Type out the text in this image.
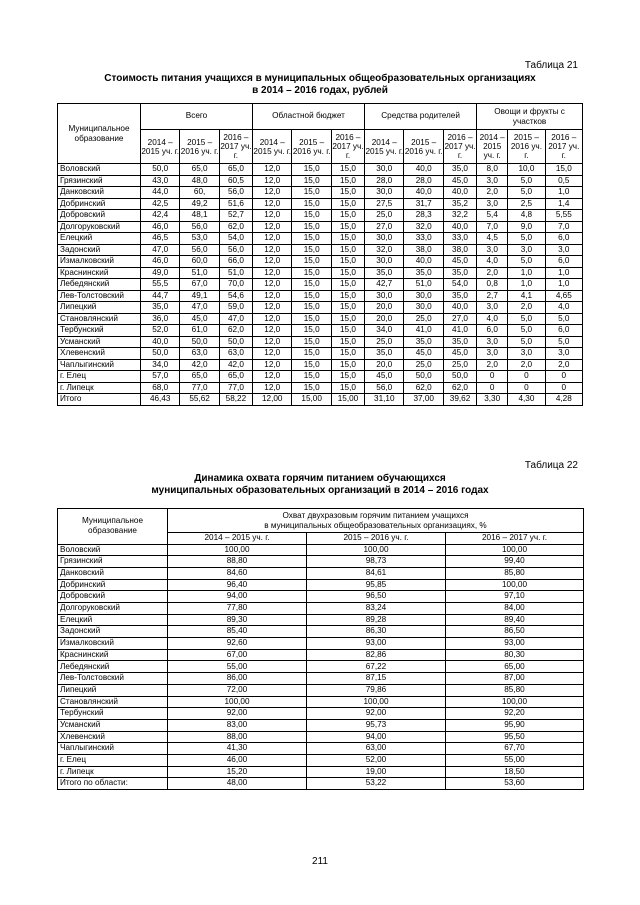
Таблица 21
Стоимость питания учащихся в муниципальных общеобразовательных организациях
в 2014 – 2016 годах, рублей
Муниципальное образование	Всего			Областной бюджет			Средства родителей			Овощи и фрукты с участков		
	2014 – 2015 уч. г.	2015 – 2016 уч. г.	2016 – 2017 уч. г.	2014 – 2015 уч. г.	2015 – 2016 уч. г.	2016 – 2017 уч. г.	2014 – 2015 уч. г.	2015 – 2016 уч. г.	2016 – 2017 уч. г.	2014 – 2015 уч. г.	2015 – 2016 уч. г.	2016 – 2017 уч. г.
Воловский	50,0	65,0	65,0	12,0	15,0	15,0	30,0	40,0	35,0	8,0	10,0	15,0
Грязинский	43,0	48,0	60,5	12,0	15,0	15,0	28,0	28,0	45,0	3,0	5,0	0,5
Данковский	44,0	60,	56,0	12,0	15,0	15,0	30,0	40,0	40,0	2,0	5,0	1,0
Добринский	42,5	49,2	51,6	12,0	15,0	15,0	27,5	31,7	35,2	3,0	2,5	1,4
Добровский	42,4	48,1	52,7	12,0	15,0	15,0	25,0	28,3	32,2	5,4	4,8	5,55
Долгоруковский	46,0	56,0	62,0	12,0	15,0	15,0	27,0	32,0	40,0	7,0	9,0	7,0
Елецкий	46,5	53,0	54,0	12,0	15,0	15,0	30,0	33,0	33,0	4,5	5,0	6,0
Задонский	47,0	56,0	56,0	12,0	15,0	15,0	32,0	38,0	38,0	3,0	3,0	3,0
Измалковский	46,0	60,0	66,0	12,0	15,0	15,0	30,0	40,0	45,0	4,0	5,0	6,0
Краснинский	49,0	51,0	51,0	12,0	15,0	15,0	35,0	35,0	35,0	2,0	1,0	1,0
Лебедянский	55,5	67,0	70,0	12,0	15,0	15,0	42,7	51,0	54,0	0,8	1,0	1,0
Лев-Толстовский	44,7	49,1	54,6	12,0	15,0	15,0	30,0	30,0	35,0	2,7	4,1	4,65
Липецкий	35,0	47,0	59,0	12,0	15,0	15,0	20,0	30,0	40,0	3,0	2,0	4,0
Становлянский	36,0	45,0	47,0	12,0	15,0	15,0	20,0	25,0	27,0	4,0	5,0	5,0
Тербунский	52,0	61,0	62,0	12,0	15,0	15,0	34,0	41,0	41,0	6,0	5,0	6,0
Усманский	40,0	50,0	50,0	12,0	15,0	15,0	25,0	35,0	35,0	3,0	5,0	5,0
Хлевенский	50,0	63,0	63,0	12,0	15,0	15,0	35,0	45,0	45,0	3,0	3,0	3,0
Чаплыгинский	34,0	42,0	42,0	12,0	15,0	15,0	20,0	25,0	25,0	2,0	2,0	2,0
г. Елец	57,0	65,0	65,0	12,0	15,0	15,0	45,0	50,0	50,0	0	0	0
г. Липецк	68,0	77,0	77,0	12,0	15,0	15,0	56,0	62,0	62,0	0	0	0
Итого	46,43	55,62	58,22	12,00	15,00	15,00	31,10	37,00	39,62	3,30	4,30	4,28
Таблица 22
Динамика охвата горячим питанием обучающихся
муниципальных образовательных организаций в 2014 – 2016 годах
Муниципальное образование	Охват двухразовым горячим питанием учащихся
в муниципальных общеобразовательных организациях, %		

	2014 – 2015 уч. г.	2015 – 2016 уч. г.	2016 – 2017 уч. г.
Воловский	100,00	100,00	100,00
Грязинский	88,80	98,73	99,40
Данковский	84,60	84,61	85,80
Добринский	96,40	95,85	100,00
Добровский	94,00	96,50	97,10
Долгоруковский	77,80	83,24	84,00
Елецкий	89,30	89,28	89,40
Задонский	85,40	86,30	86,50
Измалковский	92,60	93,00	93,00
Краснинский	67,00	82,86	80,30
Лебедянский	55,00	67,22	65,00
Лев-Толстовский	86,00	87,15	87,00
Липецкий	72,00	79,86	85,80
Становлянский	100,00	100,00	100,00
Тербунский	92,00	92,00	92,20
Усманский	83,00	95,73	95,90
Хлевенский	88,00	94,00	95,50
Чаплыгинский	41,30	63,00	67,70
г. Елец	46,00	52,00	55,00
г. Липецк	15,20	19,00	18,50
Итого по области:	48,00	53,22	53,60
211
